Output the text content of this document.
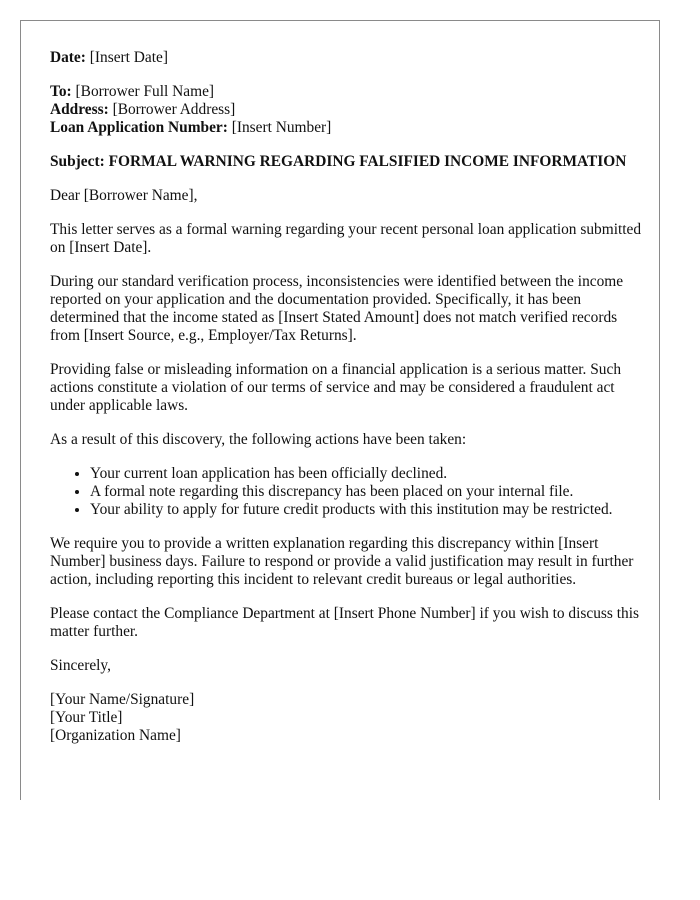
Date: [Insert Date]

To: [Borrower Full Name]
Address: [Borrower Address]
Loan Application Number: [Insert Number]

Subject: FORMAL WARNING REGARDING FALSIFIED INCOME INFORMATION

Dear [Borrower Name],

This letter serves as a formal warning regarding your recent personal loan application submitted on [Insert Date].

During our standard verification process, inconsistencies were identified between the income reported on your application and the documentation provided. Specifically, it has been determined that the income stated as [Insert Stated Amount] does not match verified records from [Insert Source, e.g., Employer/Tax Returns].

Providing false or misleading information on a financial application is a serious matter. Such actions constitute a violation of our terms of service and may be considered a fraudulent act under applicable laws.

As a result of this discovery, the following actions have been taken:

• Your current loan application has been officially declined.
• A formal note regarding this discrepancy has been placed on your internal file.
• Your ability to apply for future credit products with this institution may be restricted.

We require you to provide a written explanation regarding this discrepancy within [Insert Number] business days. Failure to respond or provide a valid justification may result in further action, including reporting this incident to relevant credit bureaus or legal authorities.

Please contact the Compliance Department at [Insert Phone Number] if you wish to discuss this matter further.

Sincerely,

[Your Name/Signature]
[Your Title]
[Organization Name]
